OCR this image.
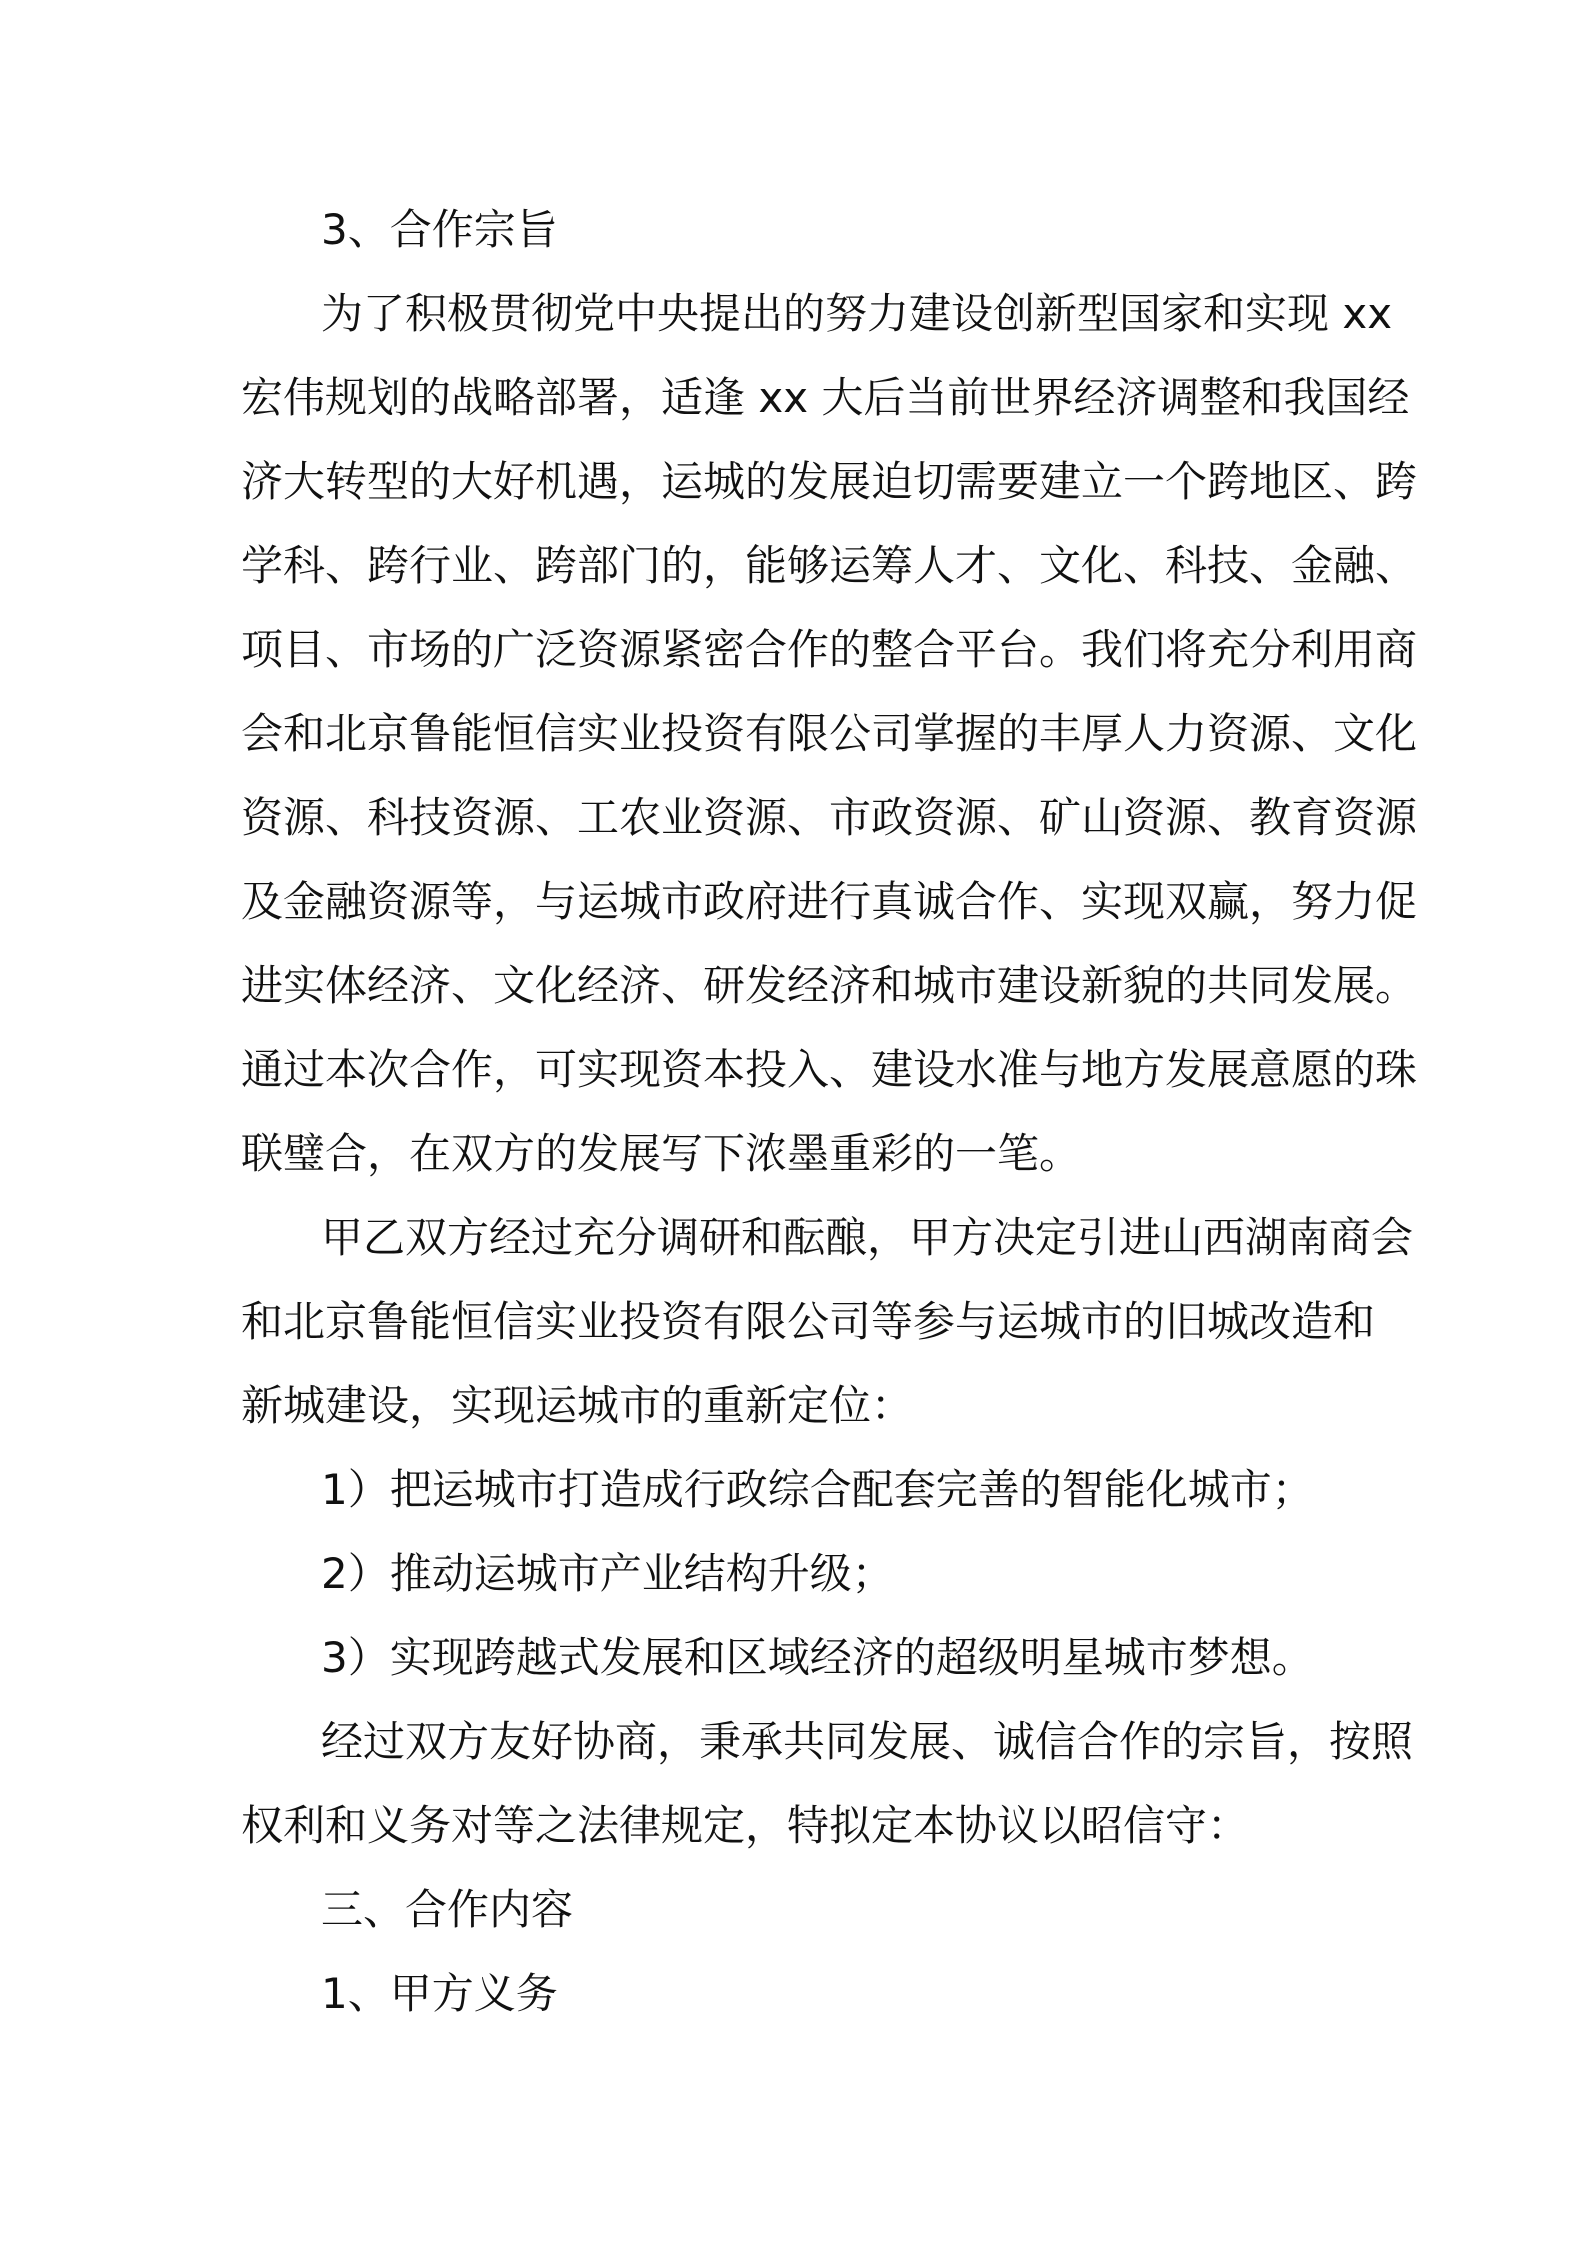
3、合作宗旨
为了积极贯彻党中央提出的努力建设创新型国家和实现 xx
宏伟规划的战略部署，适逢 xx 大后当前世界经济调整和我国经
济大转型的大好机遇，运城的发展迫切需要建立一个跨地区、跨
学科、跨行业、跨部门的，能够运筹人才、文化、科技、金融、
项目、市场的广泛资源紧密合作的整合平台。我们将充分利用商
会和北京鲁能恒信实业投资有限公司掌握的丰厚人力资源、文化
资源、科技资源、工农业资源、市政资源、矿山资源、教育资源
及金融资源等，与运城市政府进行真诚合作、实现双赢，努力促
进实体经济、文化经济、研发经济和城市建设新貌的共同发展。
通过本次合作，可实现资本投入、建设水准与地方发展意愿的珠
联璧合，在双方的发展写下浓墨重彩的一笔。
甲乙双方经过充分调研和酝酿，甲方决定引进山西湖南商会
和北京鲁能恒信实业投资有限公司等参与运城市的旧城改造和
新城建设，实现运城市的重新定位：
1）把运城市打造成行政综合配套完善的智能化城市；
2）推动运城市产业结构升级；
3）实现跨越式发展和区域经济的超级明星城市梦想。
经过双方友好协商，秉承共同发展、诚信合作的宗旨，按照
权利和义务对等之法律规定，特拟定本协议以昭信守：
三、合作内容
1、甲方义务
